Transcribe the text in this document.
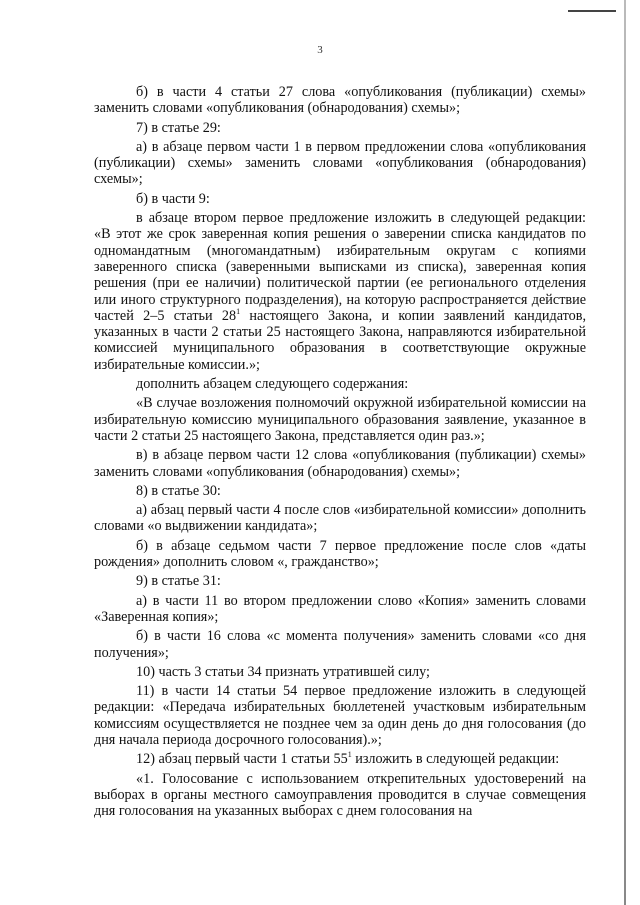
3

б) в части 4 статьи 27 слова «опубликования (публикации) схемы» заменить словами «опубликования (обнародования) схемы»;

7) в статье 29:

а) в абзаце первом части 1 в первом предложении слова «опубликования (публикации) схемы» заменить словами «опубликования (обнародования) схемы»;

б) в части 9:

в абзаце втором первое предложение изложить в следующей редакции: «В этот же срок заверенная копия решения о заверении списка кандидатов по одномандатным (многомандатным) избирательным округам с копиями заверенного списка (заверенными выписками из списка), заверенная копия решения (при ее наличии) политической партии (ее регионального отделения или иного структурного подразделения), на которую распространяется действие частей 2–5 статьи $28^1$ настоящего Закона, и копии заявлений кандидатов, указанных в части 2 статьи 25 настоящего Закона, направляются избирательной комиссией муниципального образования в соответствующие окружные избирательные комиссии.»;

дополнить абзацем следующего содержания:

«В случае возложения полномочий окружной избирательной комиссии на избирательную комиссию муниципального образования заявление, указанное в части 2 статьи 25 настоящего Закона, представляется один раз.»;

в) в абзаце первом части 12 слова «опубликования (публикации) схемы» заменить словами «опубликования (обнародования) схемы»;

8) в статье 30:

а) абзац первый части 4 после слов «избирательной комиссии» дополнить словами «о выдвижении кандидата»;

б) в абзаце седьмом части 7 первое предложение после слов «даты рождения» дополнить словом «, гражданство»;

9) в статье 31:

а) в части 11 во втором предложении слово «Копия» заменить словами «Заверенная копия»;

б) в части 16 слова «с момента получения» заменить словами «со дня получения»;

10) часть 3 статьи 34 признать утратившей силу;

11) в части 14 статьи 54 первое предложение изложить в следующей редакции: «Передача избирательных бюллетеней участковым избирательным комиссиям осуществляется не позднее чем за один день до дня голосования (до дня начала периода досрочного голосования).»;

12) абзац первый части 1 статьи $55^1$ изложить в следующей редакции:

«1. Голосование с использованием открепительных удостоверений на выборах в органы местного самоуправления проводится в случае совмещения дня голосования на указанных выборах с днем голосования на
